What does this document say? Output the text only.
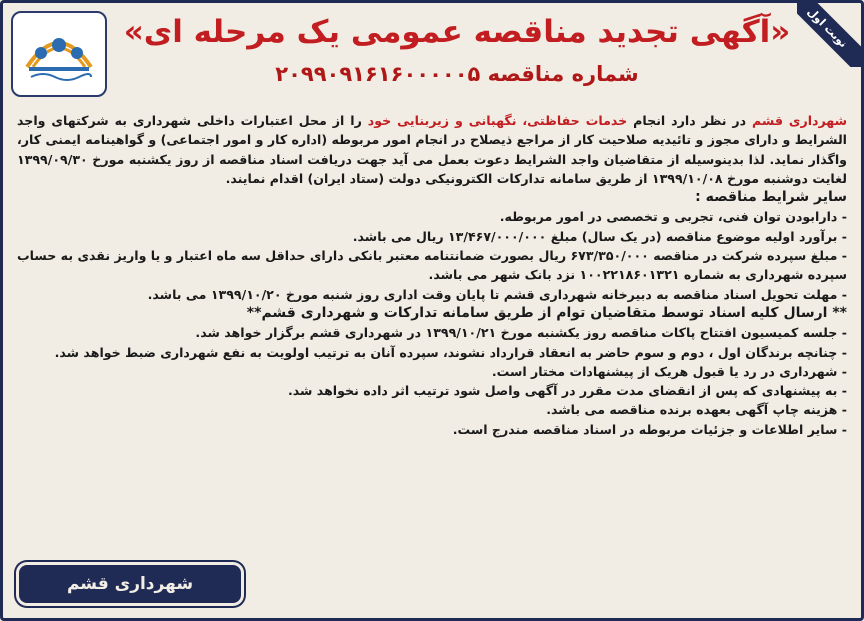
نوبت اول
«آگهی تجدید مناقصه عمومی یک مرحله ای»
شماره مناقصه ۲۰۹۹۰۹۱۶۱۶۰۰۰۰۰۵

شهرداری قشم در نظر دارد انجام خدمات حفاظتی، نگهبانی و زیربنایی خود را از محل اعتبارات داخلی شهرداری به شرکتهای واجد الشرایط و دارای مجوز و تائیدیه صلاحیت کار از مراجع ذیصلاح در انجام امور مربوطه (اداره کار و امور اجتماعی) و گواهینامه ایمنی کار، واگذار نماید. لذا بدینوسیله از متقاضیان واجد الشرایط دعوت بعمل می آید جهت دریافت اسناد مناقصه از روز یکشنبه مورخ ۱۳۹۹/۰۹/۳۰ لغایت دوشنبه مورخ ۱۳۹۹/۱۰/۰۸ از طریق سامانه تدارکات الکترونیکی دولت (ستاد ایران) اقدام نمایند.

سایر شرایط مناقصه :

- دارابودن توان فنی، تجربی و تخصصی در امور مربوطه.

- برآورد اولیه موضوع مناقصه (در یک سال) مبلغ ۱۳/۴۶۷/۰۰۰/۰۰۰ ریال می باشد.

- مبلغ سپرده شرکت در مناقصه ۶۷۳/۳۵۰/۰۰۰ ریال بصورت ضمانتنامه معتبر بانکی دارای حداقل سه ماه اعتبار و یا واریز نقدی به حساب سپرده شهرداری به شماره ۱۰۰۲۲۱۸۶۰۱۳۲۱ نزد بانک شهر می باشد.

- مهلت تحویل اسناد مناقصه به دبیرخانه شهرداری قشم تا پایان وقت اداری روز شنبه مورخ ۱۳۹۹/۱۰/۲۰ می باشد.

** ارسال کلیه اسناد توسط متقاضیان توام از طریق سامانه تدارکات و شهرداری قشم**

- جلسه کمیسیون افتتاح پاکات مناقصه روز یکشنبه مورخ ۱۳۹۹/۱۰/۲۱ در شهرداری قشم برگزار خواهد شد.

- چنانچه برندگان اول ، دوم و سوم حاضر به انعقاد قرارداد نشوند، سپرده آنان به ترتیب اولویت به نفع شهرداری ضبط خواهد شد.

- شهرداری در رد یا قبول هریک از پیشنهادات مختار است.

- به پیشنهادی که پس از انقضای مدت مقرر در آگهی واصل شود ترتیب اثر داده نخواهد شد.

- هزینه چاپ آگهی بعهده برنده مناقصه می باشد.

- سایر اطلاعات و جزئیات مربوطه در اسناد مناقصه مندرج است.

شهرداری قشم
